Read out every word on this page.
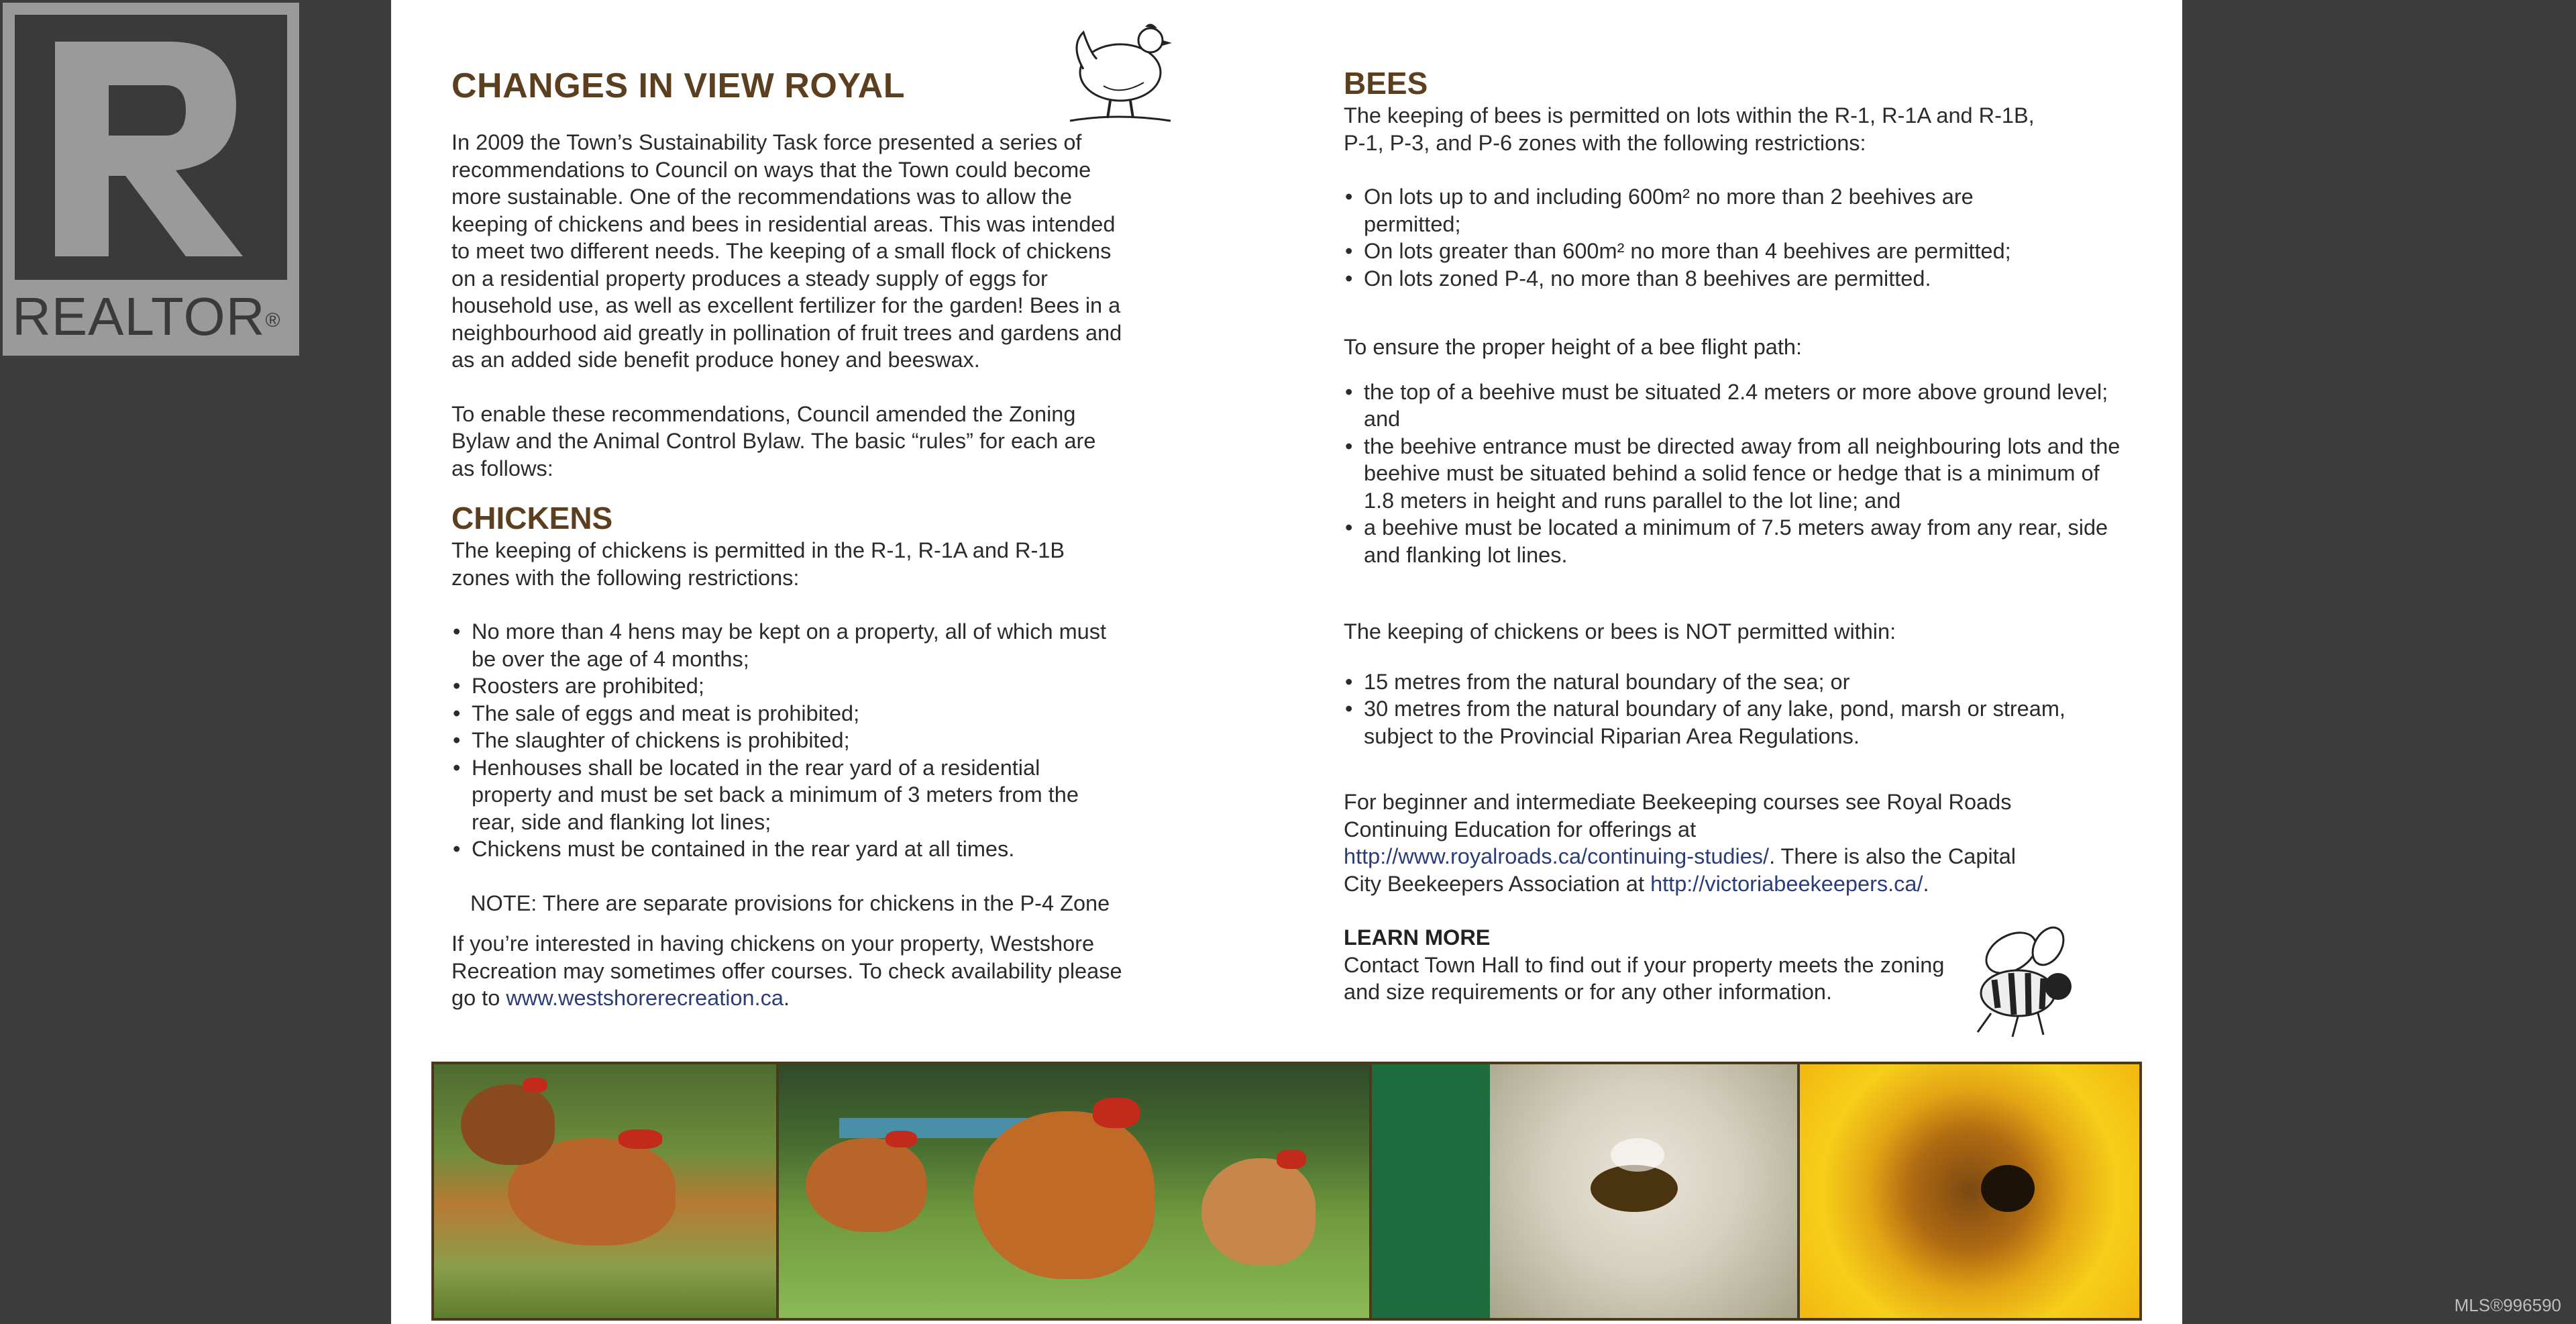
REALTOR®
MLS®996590
CHANGES IN VIEW ROYAL

In 2009 the Town’s Sustainability Task force presented a series of recommendations to Council on ways that the Town could become more sustainable. One of the recommendations was to allow the keeping of chickens and bees in residential areas. This was intended to meet two different needs. The keeping of a small flock of chickens on a residential property produces a steady supply of eggs for household use, as well as excellent fertilizer for the garden! Bees in a neighbourhood aid greatly in pollination of fruit trees and gardens and as an added side benefit produce honey and beeswax.

To enable these recommendations, Council amended the Zoning Bylaw and the Animal Control Bylaw. The basic “rules” for each are as follows:

CHICKENS

The keeping of chickens is permitted in the R-1, R-1A and R-1B zones with the following restrictions:

• No more than 4 hens may be kept on a property, all of which must be over the age of 4 months;
• Roosters are prohibited;
• The sale of eggs and meat is prohibited;
• The slaughter of chickens is prohibited;
• Henhouses shall be located in the rear yard of a residential property and must be set back a minimum of 3 meters from the rear, side and flanking lot lines;
• Chickens must be contained in the rear yard at all times.

NOTE: There are separate provisions for chickens in the P-4 Zone

If you’re interested in having chickens on your property, Westshore Recreation may sometimes offer courses. To check availability please go to www.westshorerecreation.ca.

BEES

The keeping of bees is permitted on lots within the R-1, R-1A and R-1B, P-1, P-3, and P-6 zones with the following restrictions:

• On lots up to and including 600m² no more than 2 beehives are permitted;
• On lots greater than 600m² no more than 4 beehives are permitted;
• On lots zoned P-4, no more than 8 beehives are permitted.

To ensure the proper height of a bee flight path:

• the top of a beehive must be situated 2.4 meters or more above ground level; and
• the beehive entrance must be directed away from all neighbouring lots and the beehive must be situated behind a solid fence or hedge that is a minimum of 1.8 meters in height and runs parallel to the lot line; and
• a beehive must be located a minimum of 7.5 meters away from any rear, side and flanking lot lines.

The keeping of chickens or bees is NOT permitted within:

• 15 metres from the natural boundary of the sea; or
• 30 metres from the natural boundary of any lake, pond, marsh or stream, subject to the Provincial Riparian Area Regulations.

For beginner and intermediate Beekeeping courses see Royal Roads Continuing Education for offerings at http://www.royalroads.ca/continuing-studies/. There is also the Capital City Beekeepers Association at http://victoriabeekeepers.ca/.

LEARN MORE

Contact Town Hall to find out if your property meets the zoning and size requirements or for any other information.
